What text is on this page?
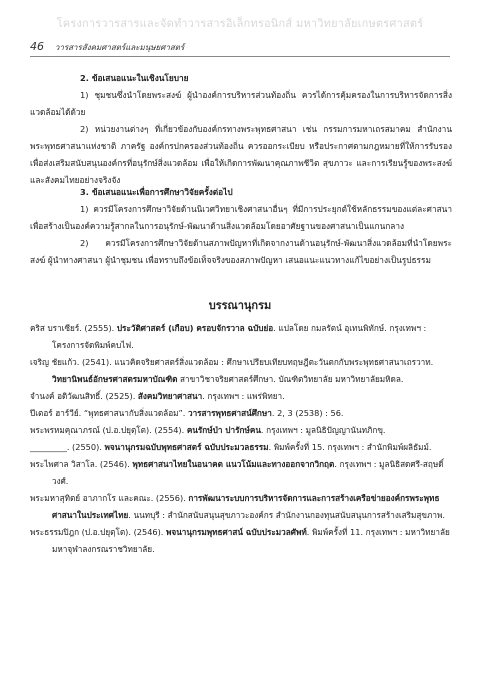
โครงการวารสารและจัดทำวารสารอิเล็กทรอนิกส์ มหาวิทยาลัยเกษตรศาสตร์
46 วารสารสังคมศาสตร์และมนุษยศาสตร์

2. ข้อเสนอแนะในเชิงนโยบาย

1) ชุมชนซึ่งนำโดยพระสงฆ์ ผู้นำองค์การบริหารส่วนท้องถิ่น ควรได้การคุ้มครองในการบริหารจัดการสิ่งแวดล้อมได้ด้วย

2) หน่วยงานต่างๆ ที่เกี่ยวข้องกับองค์กรทางพระพุทธศาสนา เช่น กรรมการมหาเถรสมาคม สำนักงานพระพุทธศาสนาแห่งชาติ ภาครัฐ องค์กรปกครองส่วนท้องถิ่น ควรออกระเบียบ หรือประกาศตามกฎหมายที่ให้การรับรอง เพื่อส่งเสริมสนับสนุนองค์กรที่อนุรักษ์สิ่งแวดล้อม เพื่อให้เกิดการพัฒนาคุณภาพชีวิต สุขภาวะ และการเรียนรู้ของพระสงฆ์และสังคมไทยอย่างจริงจัง

3. ข้อเสนอแนะเพื่อการศึกษาวิจัยครั้งต่อไป

1) ควรมีโครงการศึกษาวิจัยด้านนิเวศวิทยาเชิงศาสนาอื่นๆ ที่มีการประยุกต์ใช้หลักธรรมของแต่ละศาสนา เพื่อสร้างเป็นองค์ความรู้สากลในการอนุรักษ์-พัฒนาด้านสิ่งแวดล้อมโดยอาศัยฐานของศาสนาเป็นแกนกลาง

2) ควรมีโครงการศึกษาวิจัยด้านสภาพปัญหาที่เกิดจากงานด้านอนุรักษ์-พัฒนาสิ่งแวดล้อมที่นำโดยพระสงฆ์ ผู้นำทางศาสนา ผู้นำชุมชน เพื่อทราบถึงข้อเท็จจริงของสภาพปัญหา เสนอแนะแนวทางแก้ไขอย่างเป็นรูปธรรม

บรรณานุกรม

คริส บราเซียร์. (2555). ประวัติศาสตร์ (เกือบ) ครอบจักรวาล ฉบับย่อ. แปลโดย กมลรัตน์ อุเทนพิทักษ์. กรุงเทพฯ : โครงการจัดพิมพ์คบไฟ.

เจริญ ชัยแก้ว. (2541). แนวคิดจริยศาสตร์สิ่งแวดล้อม : ศึกษาเปรียบเทียบทฤษฎีตะวันตกกับพระพุทธศาสนาเถรวาท. วิทยานิพนธ์อักษรศาสตรมหาบัณฑิต สาขาวิชาจริยศาสตร์ศึกษา. บัณฑิตวิทยาลัย มหาวิทยาลัยมหิดล.

จำนงค์ อดิวัฒนสิทธิ์. (2525). สังคมวิทยาศาสนา. กรุงเทพฯ : แพร่พิทยา.

ปีเตอร์ ฮาร์วีย์. “พุทธศาสนากับสิ่งแวดล้อม”. วารสารพุทธศาสน์ศึกษา. 2, 3 (2538) : 56.

พระพรหมคุณาภรณ์ (ป.อ.ปยุตฺโต). (2554). คนรักษ์ป่า ปารักษ์คน. กรุงเทพฯ : มูลนิธิปัญญานันทภิกขุ.

_________. (2550). พจนานุกรมฉบับพุทธศาสตร์ ฉบับประมวลธรรม. พิมพ์ครั้งที่ 15. กรุงเทพฯ : สำนักพิมพ์ผลิธัมม์.

พระไพศาล วิสาโล. (2546). พุทธศาสนาไทยในอนาคต แนวโน้มและทางออกจากวิกฤต. กรุงเทพฯ : มูลนิธิสดศรี-สฤษดิ์วงศ์.

พระมหาสุทิตย์ อาภากโร และคณะ. (2556). การพัฒนาระบบการบริหารจัดการและการสร้างเครือข่ายองค์กรพระพุทธศาสนาในประเทศไทย. นนทบุรี : สำนักสนับสนุนสุขภาวะองค์กร สำนักงานกองทุนสนับสนุนการสร้างเสริมสุขภาพ.

พระธรรมปิฎก (ป.อ.ปยุตฺโต). (2546). พจนานุกรมพุทธศาสน์ ฉบับประมวลศัพท์. พิมพ์ครั้งที่ 11. กรุงเทพฯ : มหาวิทยาลัยมหาจุฬาลงกรณราชวิทยาลัย.
